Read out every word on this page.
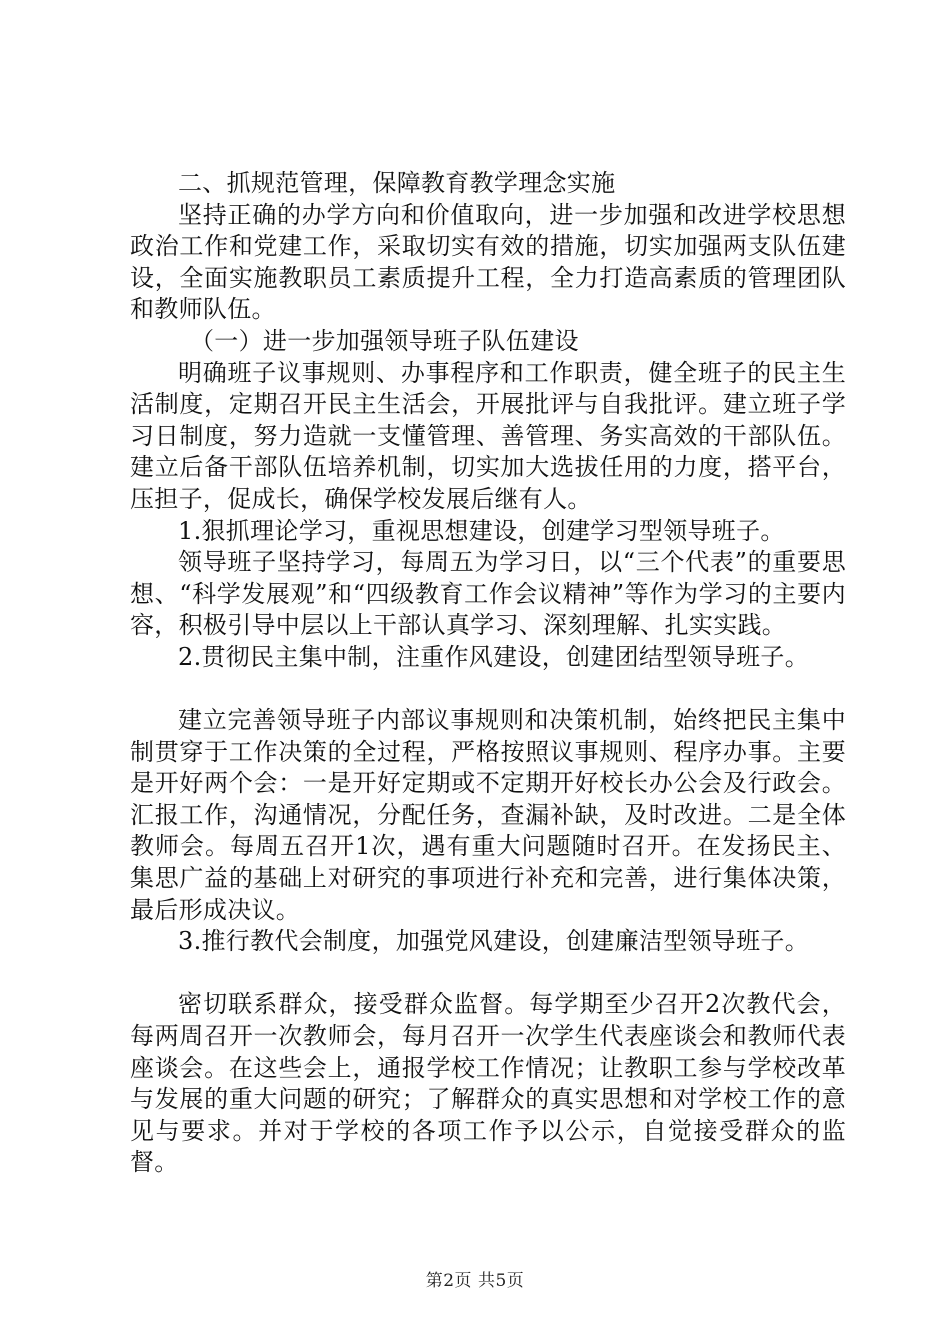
二、抓规范管理，保障教育教学理念实施

坚持正确的办学方向和价值取向，进一步加强和改进学校思想政治工作和党建工作，采取切实有效的措施，切实加强两支队伍建设，全面实施教职员工素质提升工程，全力打造高素质的管理团队和教师队伍。

（一）进一步加强领导班子队伍建设

明确班子议事规则、办事程序和工作职责，健全班子的民主生活制度，定期召开民主生活会，开展批评与自我批评。建立班子学习日制度，努力造就一支懂管理、善管理、务实高效的干部队伍。建立后备干部队伍培养机制，切实加大选拔任用的力度，搭平台，压担子，促成长，确保学校发展后继有人。

1.狠抓理论学习，重视思想建设，创建学习型领导班子。

领导班子坚持学习，每周五为学习日，以“三个代表”的重要思想、“科学发展观”和“四级教育工作会议精神”等作为学习的主要内容，积极引导中层以上干部认真学习、深刻理解、扎实实践。

2.贯彻民主集中制，注重作风建设，创建团结型领导班子。

建立完善领导班子内部议事规则和决策机制，始终把民主集中制贯穿于工作决策的全过程，严格按照议事规则、程序办事。主要是开好两个会：一是开好定期或不定期开好校长办公会及行政会。汇报工作，沟通情况，分配任务，查漏补缺，及时改进。二是全体教师会。每周五召开1次，遇有重大问题随时召开。在发扬民主、集思广益的基础上对研究的事项进行补充和完善，进行集体决策，最后形成决议。

3.推行教代会制度，加强党风建设，创建廉洁型领导班子。

密切联系群众，接受群众监督。每学期至少召开2次教代会，每两周召开一次教师会，每月召开一次学生代表座谈会和教师代表座谈会。在这些会上，通报学校工作情况；让教职工参与学校改革与发展的重大问题的研究；了解群众的真实思想和对学校工作的意见与要求。并对于学校的各项工作予以公示，自觉接受群众的监督。

第2页 共5页
